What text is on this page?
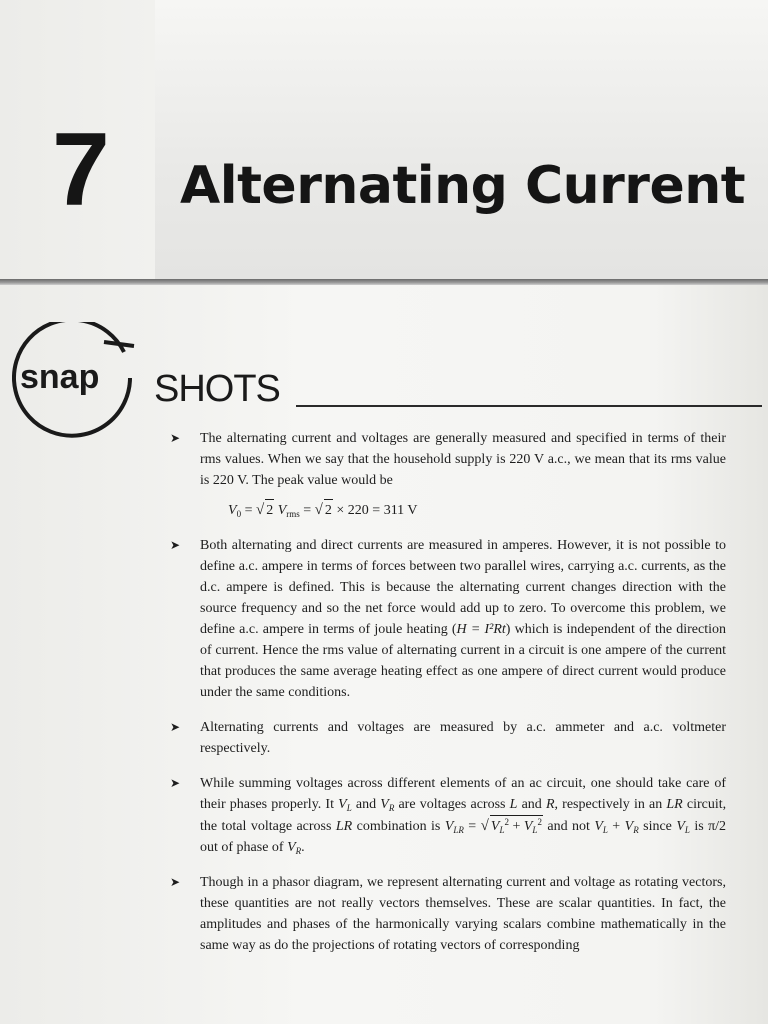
7 Alternating Current
snap SHOTS
➤ The alternating current and voltages are generally measured and specified in terms of their rms values. When we say that the household supply is 220 V a.c., we mean that its rms value is 220 V. The peak value would be
$V_0$ = √ 2 $V_{rms}$ = √ 2 × 220 = 311 V
➤ Both alternating and direct currents are measured in amperes. However, it is not possible to define a.c. ampere in terms of forces between two parallel wires, carrying a.c. currents, as the d.c. ampere is defined. This is because the alternating current changes direction with the source frequency and so the net force would add up to zero. To overcome this problem, we define a.c. ampere in terms of joule heating (H = I²Rt) which is independent of the direction of current. Hence the rms value of alternating current in a circuit is one ampere of the current that produces the same average heating effect as one ampere of direct current would produce under the same conditions.
➤ Alternating currents and voltages are measured by a.c. ammeter and a.c. voltmeter respectively.
➤ While summing voltages across different elements of an ac circuit, one should take care of their phases properly. It $V_L$ and $V_R$ are voltages across L and R, respectively in an LR circuit, the total voltage across LR combination is $V_{LR}$ = √ $V_L^2 + V_L^2$ and not $V_L + V_R$ since $V_L$ is π/2 out of phase of $V_R$.
➤ Though in a phasor diagram, we represent alternating current and voltage as rotating vectors, these quantities are not really vectors themselves. These are scalar quantities. In fact, the amplitudes and phases of the harmonically varying scalars combine mathematically in the same way as do the projections of rotating vectors of corresponding
